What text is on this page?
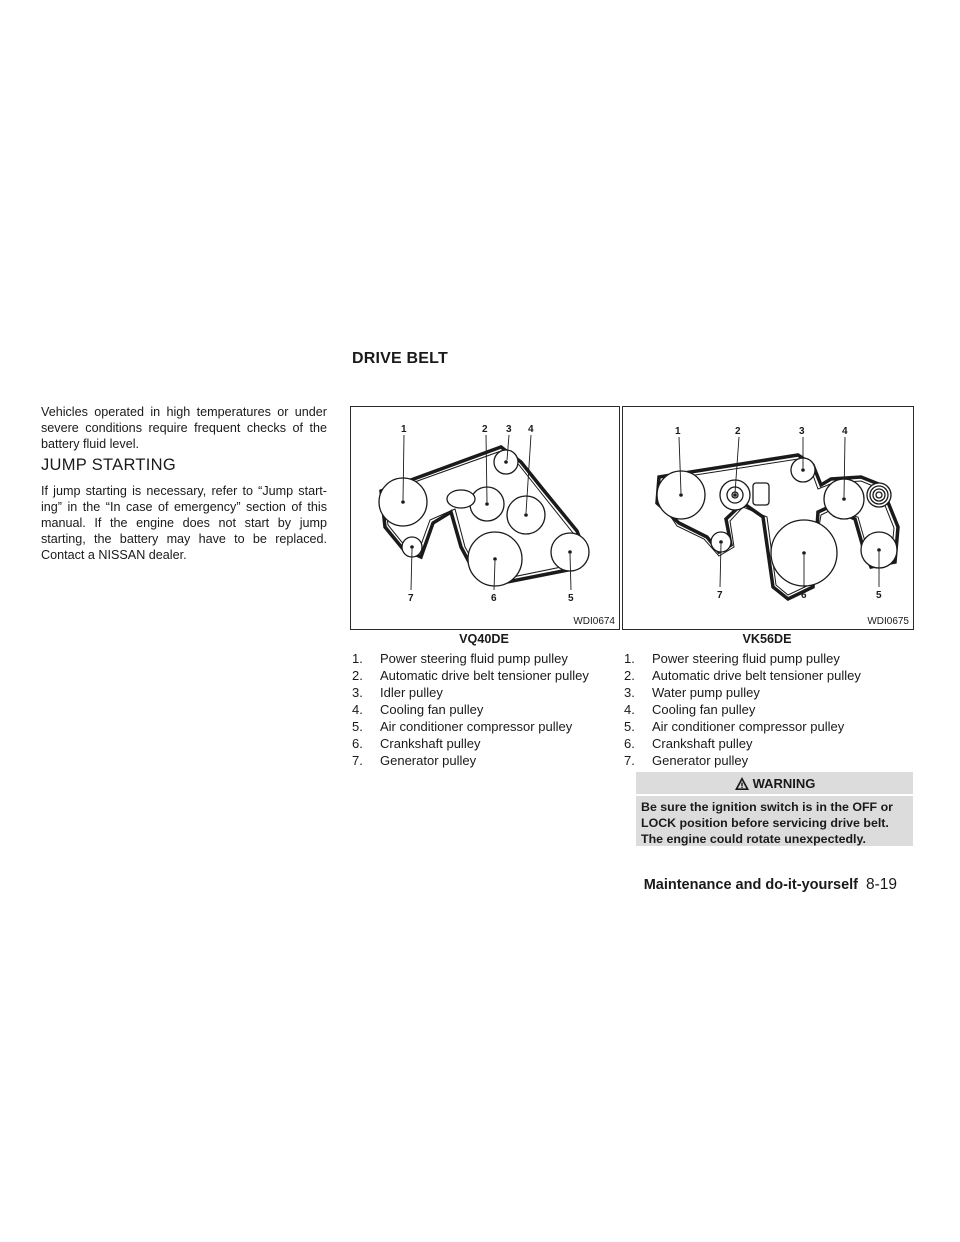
DRIVE BELT
Vehicles operated in high temperatures or under severe conditions require frequent checks of the battery fluid level.
JUMP STARTING
If jump starting is necessary, refer to “Jump start- ing” in the “In case of emergency” section of this manual. If the engine does not start by jump starting, the battery may have to be replaced. Contact a NISSAN dealer.
1	2 3 4
5
6
7
WDI0674
VQ40DE
1	2	3	4
5
6
7
WDI0675
VK56DE
1. Power steering fluid pump pulley
2. Automatic drive belt tensioner pulley
3. Idler pulley
4. Cooling fan pulley
5. Air conditioner compressor pulley
6. Crankshaft pulley
7. Generator pulley
1. Power steering fluid pump pulley
2. Automatic drive belt tensioner pulley
3. Water pump pulley
4. Cooling fan pulley
5. Air conditioner compressor pulley
6. Crankshaft pulley
7. Generator pulley
WARNING
Be sure the ignition switch is in the OFF or LOCK position before servicing drive belt. The engine could rotate unexpectedly.
Maintenance and do-it-yourself 8-19
